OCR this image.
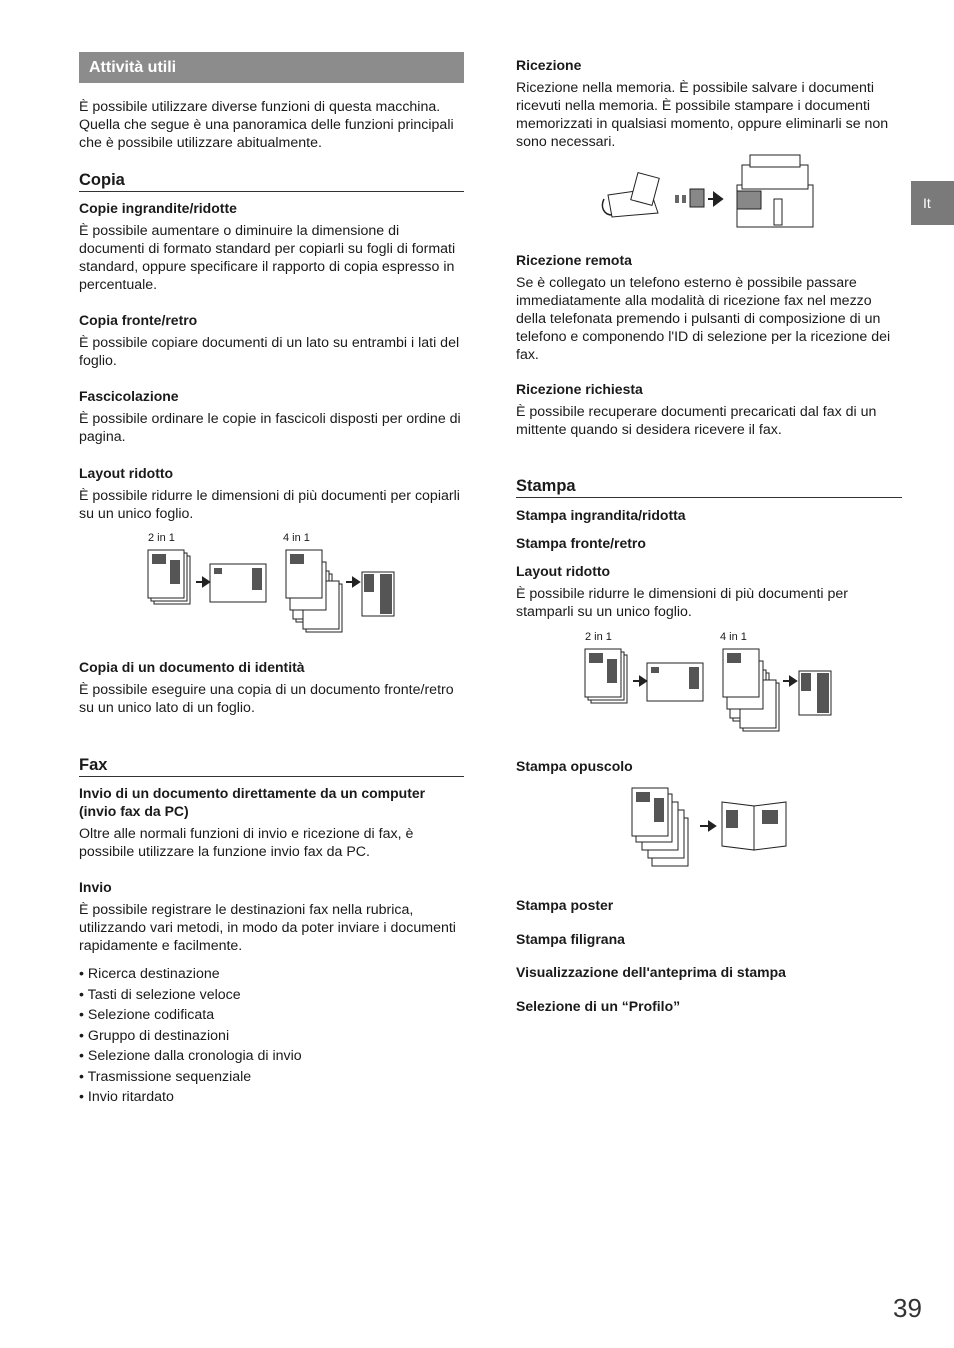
Attività utili

È possibile utilizzare diverse funzioni di questa macchina. Quella che segue è una panoramica delle funzioni principali che è possibile utilizzare abitualmente.

Copia
Copie ingrandite/ridotte

È possibile aumentare o diminuire la dimensione di documenti di formato standard per copiarli su fogli di formati standard, oppure specificare il rapporto di copia espresso in percentuale.

Copia fronte/retro

È possibile copiare documenti di un lato su entrambi i lati del foglio.

Fascicolazione

È possibile ordinare le copie in fascicoli disposti per ordine di pagina.

Layout ridotto

È possibile ridurre le dimensioni di più documenti per copiarli su un unico foglio.

2 in 1	4 in 1
Copia di un documento di identità

È possibile eseguire una copia di un documento fronte/retro su un unico lato di un foglio.

Fax
Invio di un documento direttamente da un computer (invio fax da PC)

Oltre alle normali funzioni di invio e ricezione di fax, è possibile utilizzare la funzione invio fax da PC.

Invio

È possibile registrare le destinazioni fax nella rubrica, utilizzando vari metodi, in modo da poter inviare i documenti rapidamente e facilmente.

• Ricerca destinazione
• Tasti di selezione veloce
• Selezione codificata
• Gruppo di destinazioni
• Selezione dalla cronologia di invio
• Trasmissione sequenziale
• Invio ritardato
Ricezione

Ricezione nella memoria. È possibile salvare i documenti ricevuti nella memoria. È possibile stampare i documenti memorizzati in qualsiasi momento, oppure eliminarli se non sono necessari.

Ricezione remota

Se è collegato un telefono esterno è possibile passare immediatamente alla modalità di ricezione fax nel mezzo della telefonata premendo i pulsanti di composizione di un telefono e componendo l'ID di selezione per la ricezione dei fax.

Ricezione richiesta

È possibile recuperare documenti precaricati dal fax di un mittente quando si desidera ricevere il fax.

Stampa
Stampa ingrandita/ridotta
Stampa fronte/retro
Layout ridotto

È possibile ridurre le dimensioni di più documenti per stamparli su un unico foglio.

2 in 1	4 in 1
Stampa opuscolo
Stampa poster
Stampa filigrana
Visualizzazione dell'anteprima di stampa
Selezione di un “Profilo”
It
39
